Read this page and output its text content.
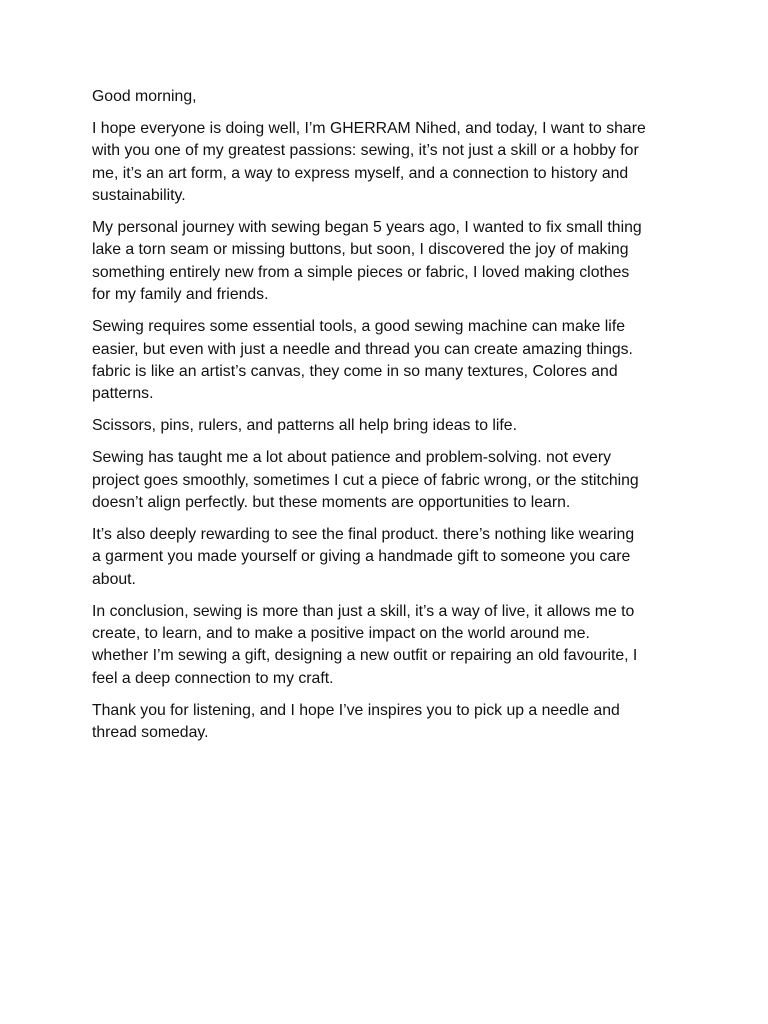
Good morning,

I hope everyone is doing well, I’m GHERRAM Nihed, and today, I want to share
with you one of my greatest passions: sewing, it’s not just a skill or a hobby for
me, it’s an art form, a way to express myself, and a connection to history and
sustainability.

My personal journey with sewing began 5 years ago, I wanted to fix small thing
lake a torn seam or missing buttons, but soon, I discovered the joy of making
something entirely new from a simple pieces or fabric, I loved making clothes
for my family and friends.

Sewing requires some essential tools, a good sewing machine can make life
easier, but even with just a needle and thread you can create amazing things.
fabric is like an artist’s canvas, they come in so many textures, Colores and
patterns.

Scissors, pins, rulers, and patterns all help bring ideas to life.

Sewing has taught me a lot about patience and problem-solving. not every
project goes smoothly, sometimes I cut a piece of fabric wrong, or the stitching
doesn’t align perfectly. but these moments are opportunities to learn.

It’s also deeply rewarding to see the final product. there’s nothing like wearing
a garment you made yourself or giving a handmade gift to someone you care
about.

In conclusion, sewing is more than just a skill, it’s a way of live, it allows me to
create, to learn, and to make a positive impact on the world around me.
whether I’m sewing a gift, designing a new outfit or repairing an old favourite, I
feel a deep connection to my craft.

Thank you for listening, and I hope I’ve inspires you to pick up a needle and
thread someday.
